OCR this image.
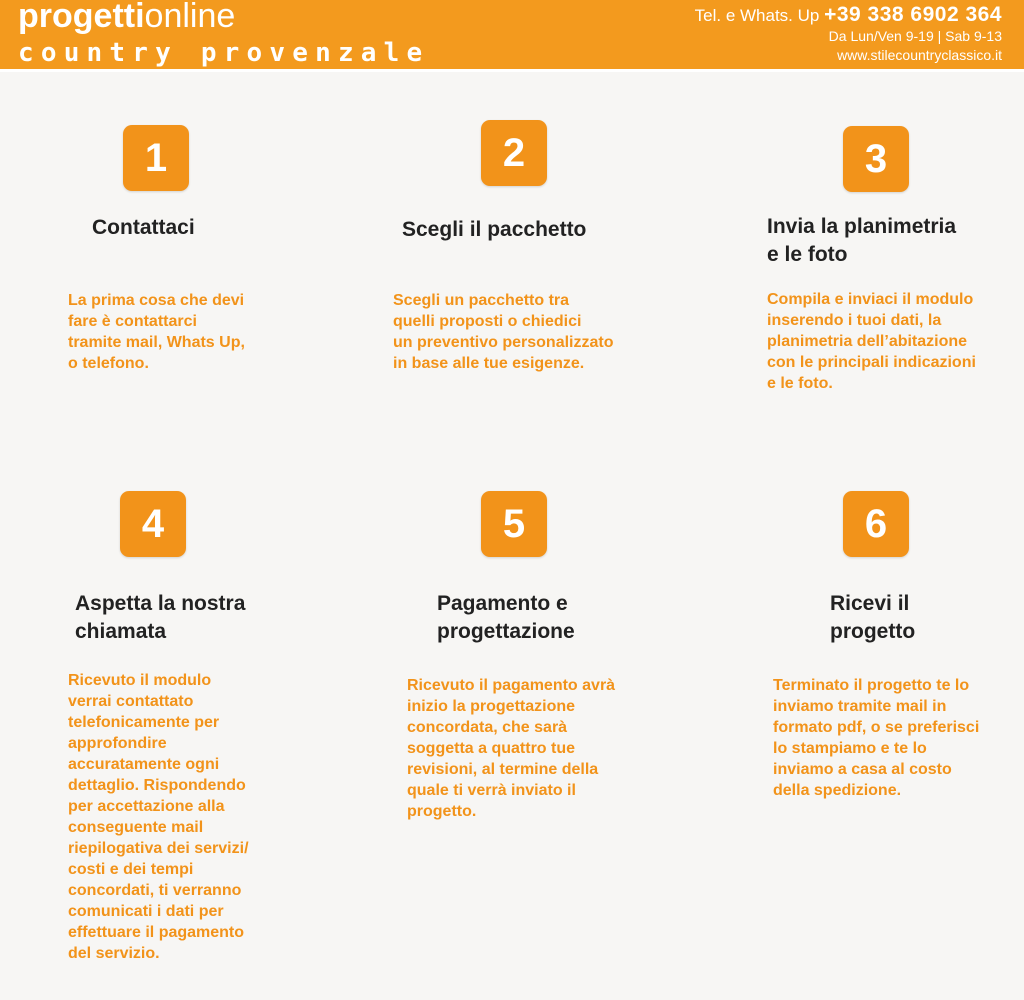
progettionline
country provenzale
Tel. e Whats. Up +39 338 6902 364
Da Lun/Ven 9-19 | Sab 9-13
www.stilecountryclassico.it
1
Contattaci
La prima cosa che devi
fare è contattarci
tramite mail, Whats Up,
o telefono.
2
Scegli il pacchetto
Scegli un pacchetto tra
quelli proposti o chiedici
un preventivo personalizzato
in base alle tue esigenze.
3
Invia la planimetria
e le foto
Compila e inviaci il modulo
inserendo i tuoi dati, la
planimetria dell’abitazione
con le principali indicazioni
e le foto.
4
Aspetta la nostra
chiamata
Ricevuto il modulo
verrai contattato
telefonicamente per
approfondire
accuratamente ogni
dettaglio. Rispondendo
per accettazione alla
conseguente mail
riepilogativa dei servizi/
costi e dei tempi
concordati, ti verranno
comunicati i dati per
effettuare il pagamento
del servizio.
5
Pagamento e
progettazione
Ricevuto il pagamento avrà
inizio la progettazione
concordata, che sarà
soggetta a quattro tue
revisioni, al termine della
quale ti verrà inviato il
progetto.
6
Ricevi il
progetto
Terminato il progetto te lo
inviamo tramite mail in
formato pdf, o se preferisci
lo stampiamo e te lo
inviamo a casa al costo
della spedizione.
